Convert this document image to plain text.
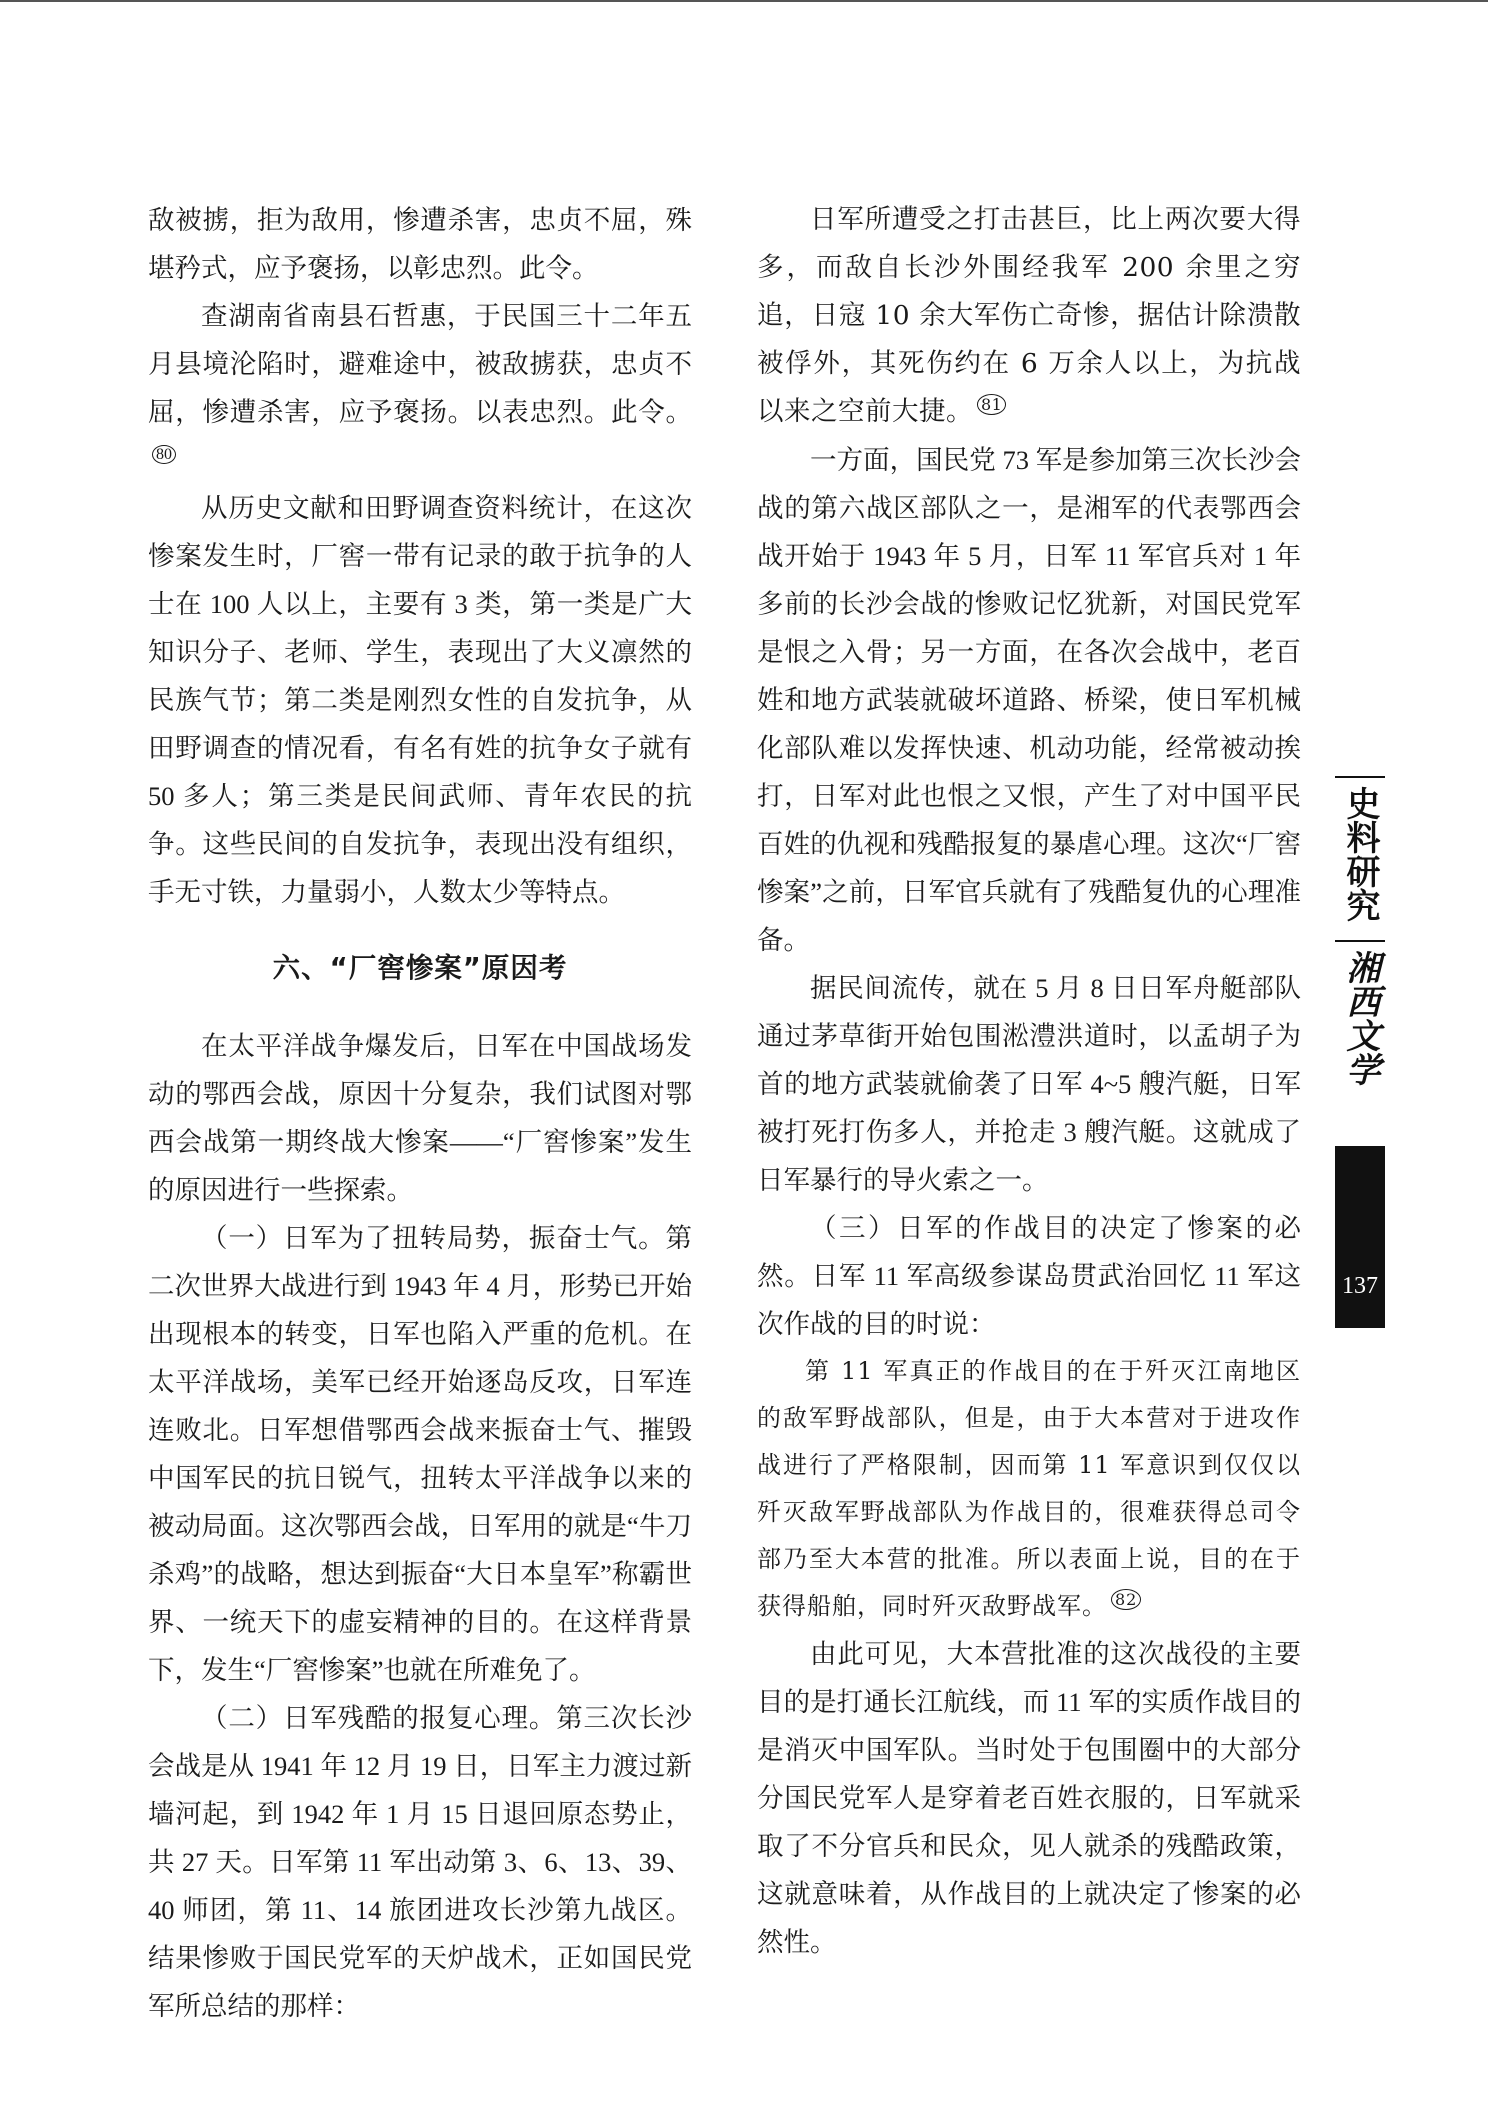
敌被掳，拒为敌用，惨遭杀害，忠贞不屈，殊堪矜式，应予褒扬，以彰忠烈。此令。

查湖南省南县石哲惠，于民国三十二年五月县境沦陷时，避难途中，被敌掳获，忠贞不屈，惨遭杀害，应予褒扬。以表忠烈。此令。$^{80}$

从历史文献和田野调查资料统计，在这次惨案发生时，厂窖一带有记录的敢于抗争的人士在 100 人以上，主要有 3 类，第一类是广大知识分子、老师、学生，表现出了大义凛然的民族气节；第二类是刚烈女性的自发抗争，从田野调查的情况看，有名有姓的抗争女子就有 50 多人；第三类是民间武师、青年农民的抗争。这些民间的自发抗争，表现出没有组织，手无寸铁，力量弱小，人数太少等特点。

六、“厂窖惨案”原因考

在太平洋战争爆发后，日军在中国战场发动的鄂西会战，原因十分复杂，我们试图对鄂西会战第一期终战大惨案——“厂窖惨案”发生的原因进行一些探索。

（一）日军为了扭转局势，振奋士气。第二次世界大战进行到 1943 年 4 月，形势已开始出现根本的转变，日军也陷入严重的危机。在太平洋战场，美军已经开始逐岛反攻，日军连连败北。日军想借鄂西会战来振奋士气、摧毁中国军民的抗日锐气，扭转太平洋战争以来的被动局面。这次鄂西会战，日军用的就是“牛刀杀鸡”的战略，想达到振奋“大日本皇军”称霸世界、一统天下的虚妄精神的目的。在这样背景下，发生“厂窖惨案”也就在所难免了。

（二）日军残酷的报复心理。第三次长沙会战是从 1941 年 12 月 19 日，日军主力渡过新墙河起，到 1942 年 1 月 15 日退回原态势止，共 27 天。日军第 11 军出动第 3、6、13、39、40 师团，第 11、14 旅团进攻长沙第九战区。结果惨败于国民党军的天炉战术，正如国民党军所总结的那样：

日军所遭受之打击甚巨，比上两次要大得多，而敌自长沙外围经我军 200 余里之穷追，日寇 10 余大军伤亡奇惨，据估计除溃散被俘外，其死伤约在 6 万余人以上，为抗战以来之空前大捷。 $^{81}$

一方面，国民党 73 军是参加第三次长沙会战的第六战区部队之一，是湘军的代表鄂西会战开始于 1943 年 5 月，日军 11 军官兵对 1 年多前的长沙会战的惨败记忆犹新，对国民党军是恨之入骨；另一方面，在各次会战中，老百姓和地方武装就破坏道路、桥梁，使日军机械化部队难以发挥快速、机动功能，经常被动挨打，日军对此也恨之又恨，产生了对中国平民百姓的仇视和残酷报复的暴虐心理。这次“厂窖惨案”之前，日军官兵就有了残酷复仇的心理准备。

据民间流传，就在 5 月 8 日日军舟艇部队通过茅草街开始包围淞澧洪道时，以孟胡子为首的地方武装就偷袭了日军 4~5 艘汽艇，日军被打死打伤多人，并抢走 3 艘汽艇。这就成了日军暴行的导火索之一。

（三）日军的作战目的决定了惨案的必然。日军 11 军高级参谋岛贯武治回忆 11 军这次作战的目的时说：

第 11 军真正的作战目的在于歼灭江南地区的敌军野战部队，但是，由于大本营对于进攻作战进行了严格限制，因而第 11 军意识到仅仅以歼灭敌军野战部队为作战目的，很难获得总司令部乃至大本营的批准。所以表面上说，目的在于获得船舶，同时歼灭敌野战军。 $^{82}$

由此可见，大本营批准的这次战役的主要目的是打通长江航线，而 11 军的实质作战目的是消灭中国军队。当时处于包围圈中的大部分分国民党军人是穿着老百姓衣服的，日军就采取了不分官兵和民众，见人就杀的残酷政策，这就意味着，从作战目的上就决定了惨案的必然性。

史料研究
湘西文学
137
